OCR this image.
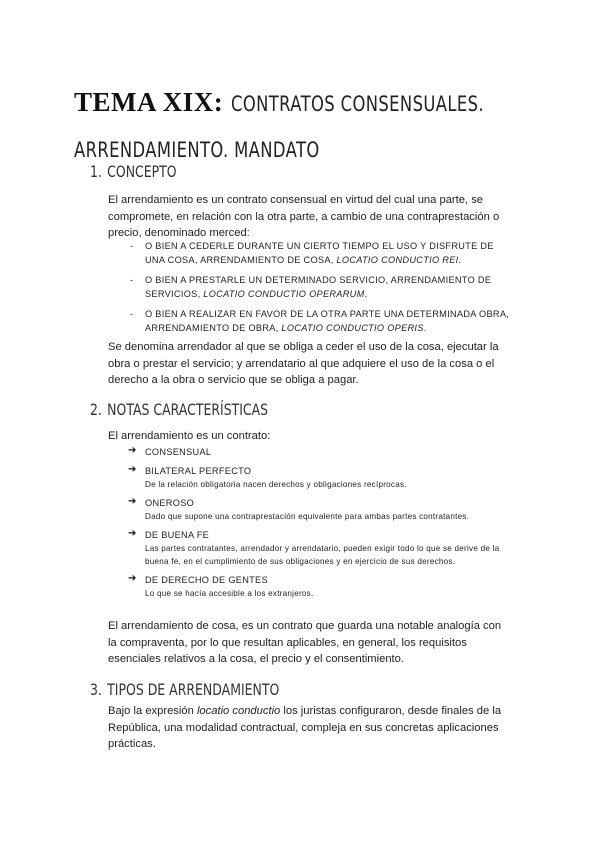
TEMA XIX: CONTRATOS CONSENSUALES.
ARRENDAMIENTO. MANDATO
1. CONCEPTO
El arrendamiento es un contrato consensual en virtud del cual una parte, se compromete, en relación con la otra parte, a cambio de una contraprestación o precio, denominado merced:
- O BIEN A CEDERLE DURANTE UN CIERTO TIEMPO EL USO Y DISFRUTE DE UNA COSA, ARRENDAMIENTO DE COSA, LOCATIO CONDUCTIO REI.
- O BIEN A PRESTARLE UN DETERMINADO SERVICIO, ARRENDAMIENTO DE SERVICIOS, LOCATIO CONDUCTIO OPERARUM.
- O BIEN A REALIZAR EN FAVOR DE LA OTRA PARTE UNA DETERMINADA OBRA, ARRENDAMIENTO DE OBRA, LOCATIO CONDUCTIO OPERIS.
Se denomina arrendador al que se obliga a ceder el uso de la cosa, ejecutar la obra o prestar el servicio; y arrendatario al que adquiere el uso de la cosa o el derecho a la obra o servicio que se obliga a pagar.
2. NOTAS CARACTERÍSTICAS
El arrendamiento es un contrato:
➔ CONSENSUAL
➔ BILATERAL PERFECTO
De la relación obligatoria nacen derechos y obligaciones recíprocas.
➔ ONEROSO
Dado que supone una contraprestación equivalente para ambas partes contratantes.
➔ DE BUENA FE
Las partes contratantes, arrendador y arrendatario, pueden exigir todo lo que se derive de la buena fe, en el cumplimiento de sus obligaciones y en ejercicio de sus derechos.
➔ DE DERECHO DE GENTES
Lo que se hacía accesible a los extranjeros.
El arrendamiento de cosa, es un contrato que guarda una notable analogía con la compraventa, por lo que resultan aplicables, en general, los requisitos esenciales relativos a la cosa, el precio y el consentimiento.
3. TIPOS DE ARRENDAMIENTO
Bajo la expresión locatio conductio los juristas configuraron, desde finales de la República, una modalidad contractual, compleja en sus concretas aplicaciones prácticas.
